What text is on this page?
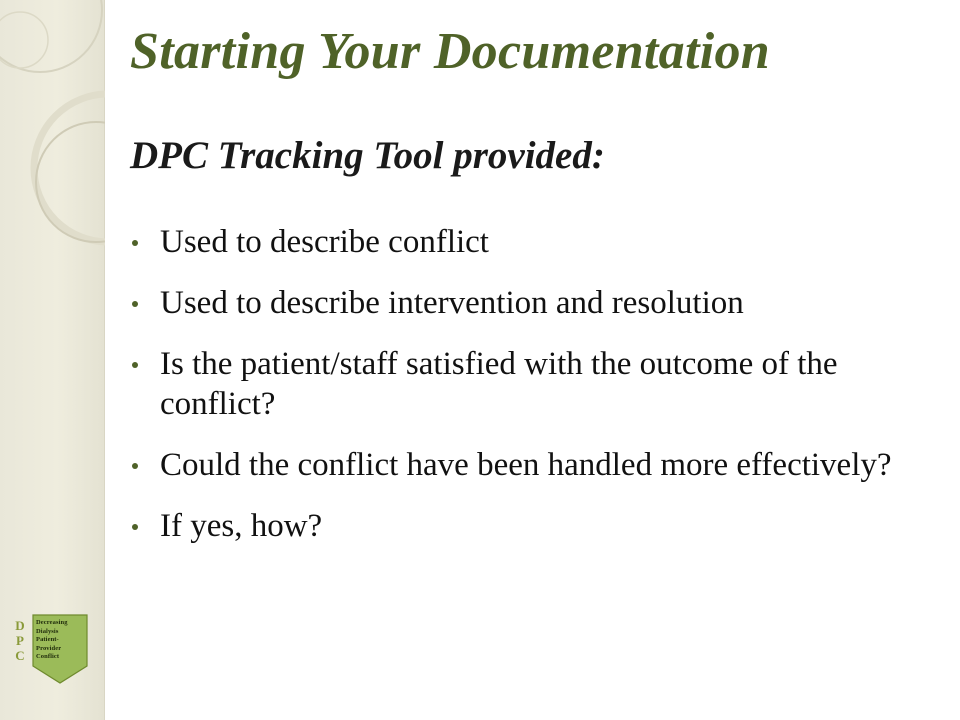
Starting Your Documentation
DPC Tracking Tool provided:
Used to describe conflict
Used to describe intervention and resolution
Is the patient/staff satisfied with the outcome of the conflict?
Could the conflict have been handled more effectively?
If yes, how?
D
P
C
Decreasing
Dialysis
Patient-
Provider
Conflict
